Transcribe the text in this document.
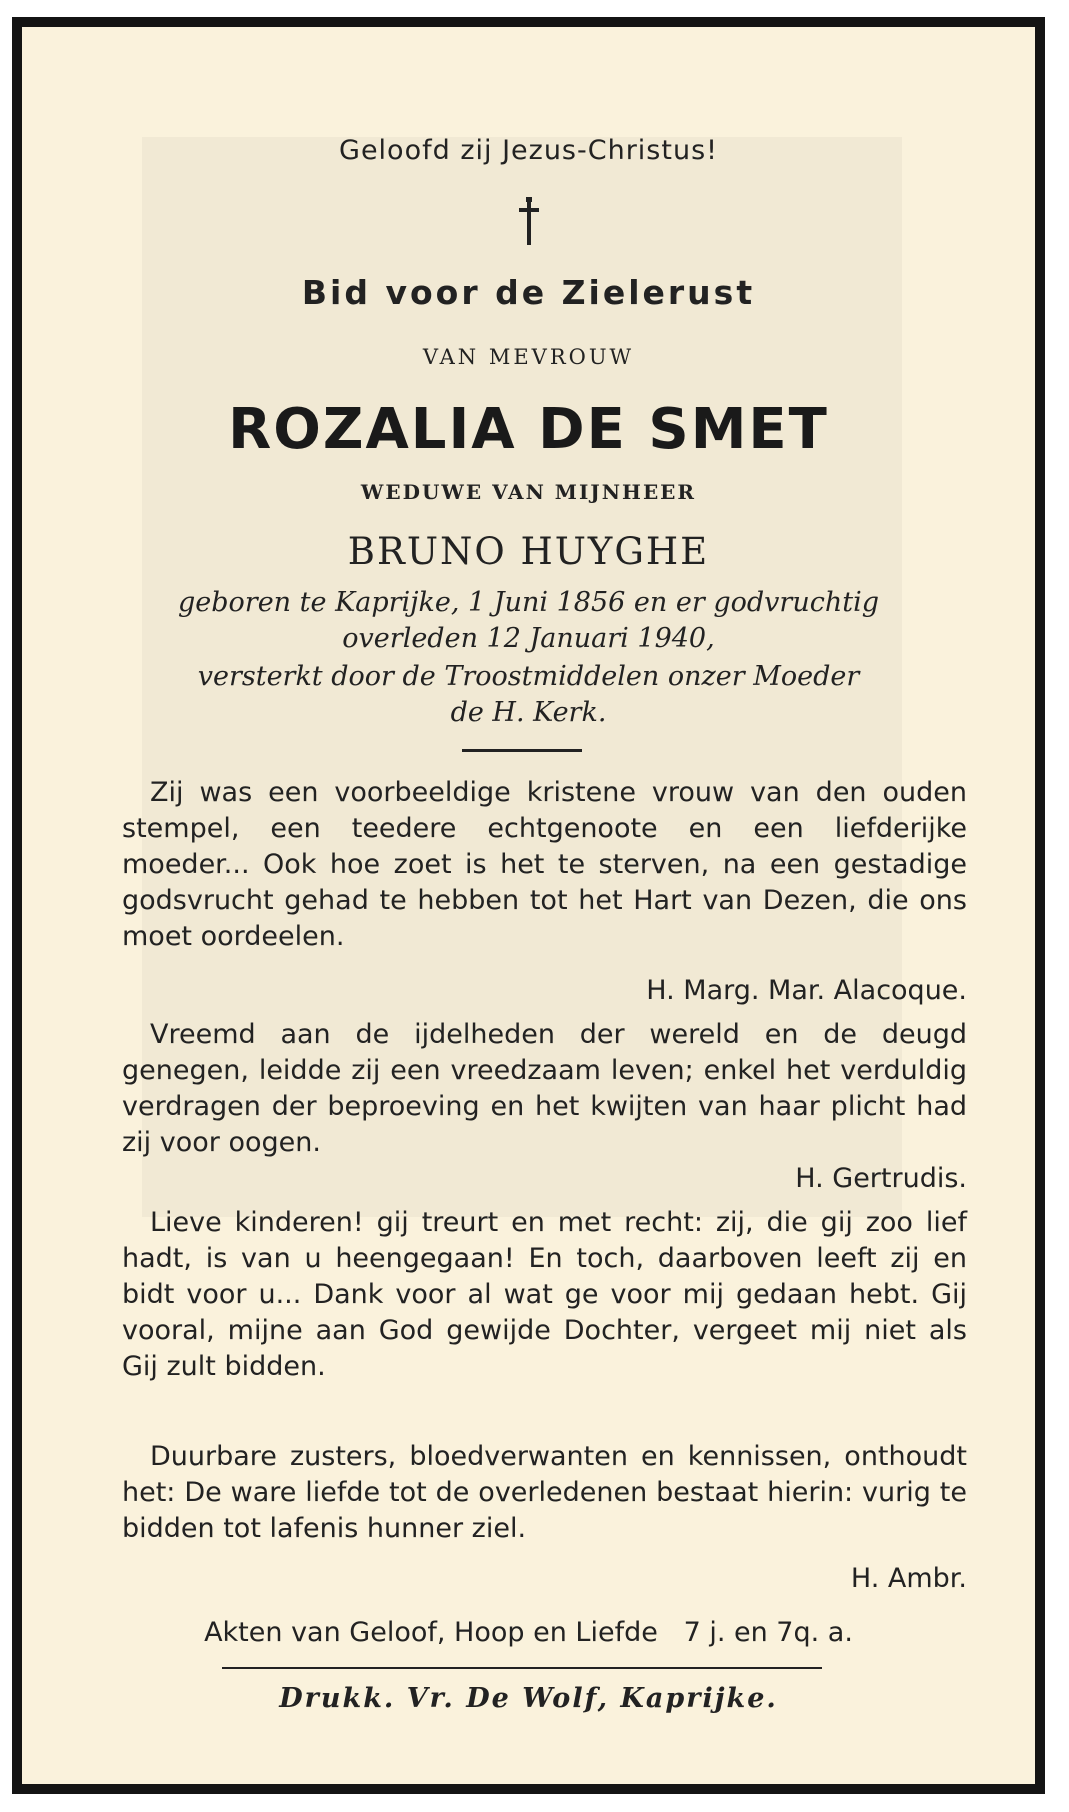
Geloofd zij Jezus-Christus!
Bid voor de Zielerust
VAN MEVROUW
ROZALIA DE SMET
WEDUWE VAN MIJNHEER
BRUNO HUYGHE
geboren te Kaprijke, 1 Juni 1856 en er godvruchtig
overleden 12 Januari 1940,
versterkt door de Troostmiddelen onzer Moeder
de H. Kerk.

Zij was een voorbeeldige kristene vrouw van den ouden stempel, een teedere echtgenoote en een liefderijke moeder... Ook hoe zoet is het te sterven, na een gestadige godsvrucht gehad te hebben tot het Hart van Dezen, die ons moet oordeelen.

H. Marg. Mar. Alacoque.

Vreemd aan de ijdelheden der wereld en de deugd genegen, leidde zij een vreedzaam leven; enkel het verduldig verdragen der beproeving en het kwijten van haar plicht had zij voor oogen.

H. Gertrudis.

Lieve kinderen! gij treurt en met recht: zij, die gij zoo lief hadt, is van u heengegaan! En toch, daarboven leeft zij en bidt voor u... Dank voor al wat ge voor mij gedaan hebt. Gij vooral, mijne aan God gewijde Dochter, vergeet mij niet als Gij zult bidden.

Duurbare zusters, bloedverwanten en kennissen, onthoudt het: De ware liefde tot de overledenen bestaat hierin: vurig te bidden tot lafenis hunner ziel.

H. Ambr.
Akten van Geloof, Hoop en Liefde   7 j. en 7q. a.
Drukk. Vr. De Wolf, Kaprijke.
